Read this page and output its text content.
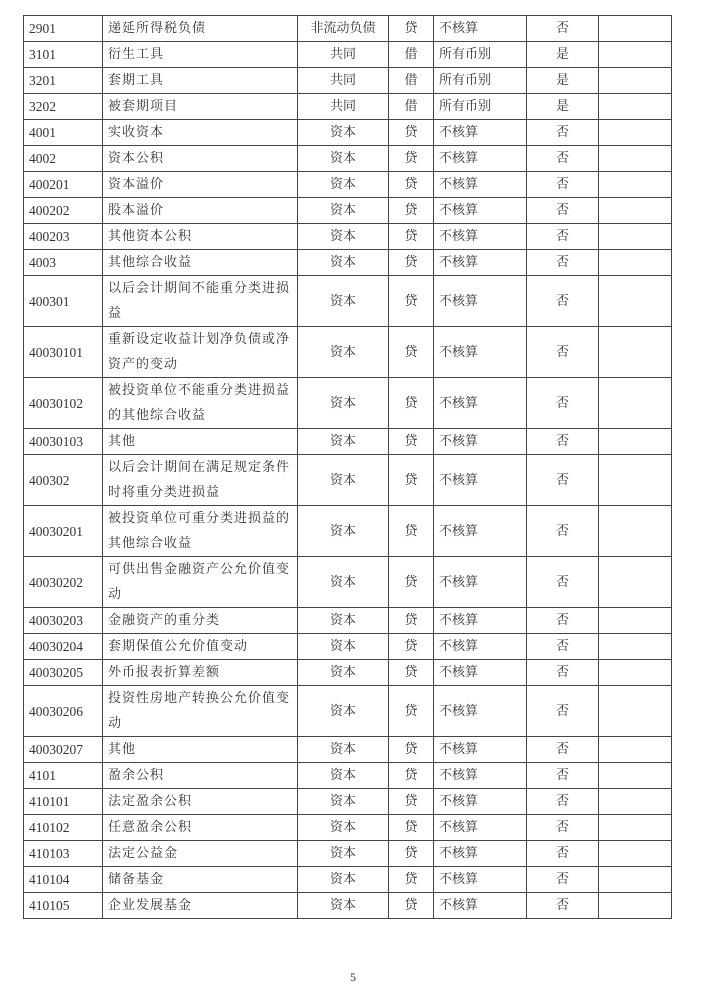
2901	递延所得税负债	非流动负债	贷	不核算	否	
3101	衍生工具	共同	借	所有币别	是	
3201	套期工具	共同	借	所有币别	是	
3202	被套期项目	共同	借	所有币别	是	
4001	实收资本	资本	贷	不核算	否	
4002	资本公积	资本	贷	不核算	否	
400201	资本溢价	资本	贷	不核算	否	
400202	股本溢价	资本	贷	不核算	否	
400203	其他资本公积	资本	贷	不核算	否	
4003	其他综合收益	资本	贷	不核算	否	
400301	以后会计期间不能重分类进损益	资本	贷	不核算	否	
40030101	重新设定收益计划净负债或净资产的变动	资本	贷	不核算	否	
40030102	被投资单位不能重分类进损益的其他综合收益	资本	贷	不核算	否	
40030103	其他	资本	贷	不核算	否	
400302	以后会计期间在满足规定条件时将重分类进损益	资本	贷	不核算	否	
40030201	被投资单位可重分类进损益的其他综合收益	资本	贷	不核算	否	
40030202	可供出售金融资产公允价值变动	资本	贷	不核算	否	
40030203	金融资产的重分类	资本	贷	不核算	否	
40030204	套期保值公允价值变动	资本	贷	不核算	否	
40030205	外币报表折算差额	资本	贷	不核算	否	
40030206	投资性房地产转换公允价值变动	资本	贷	不核算	否	
40030207	其他	资本	贷	不核算	否	
4101	盈余公积	资本	贷	不核算	否	
410101	法定盈余公积	资本	贷	不核算	否	
410102	任意盈余公积	资本	贷	不核算	否	
410103	法定公益金	资本	贷	不核算	否	
410104	储备基金	资本	贷	不核算	否	
410105	企业发展基金	资本	贷	不核算	否	
5
